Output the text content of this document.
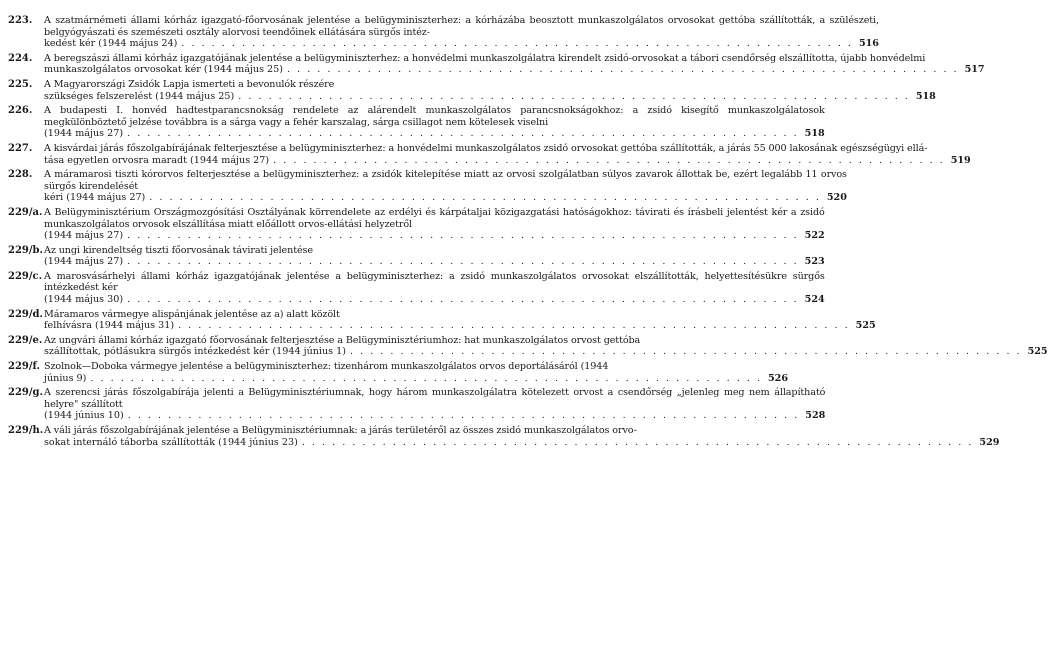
223.	A szatmárnémeti állami kórház igazgató-főorvosának jelentése a belügyminiszterhez: a kórházába beosztott munkaszolgálatos orvosokat gettóba szállították, a szülészeti, belgyógyászati és szemészeti osztály alorvosi teendőinek ellátására sürgős intéz-
kedést kér (1944 május 24) . . .	516
224.	A beregszászi állami kórház igazgatójának jelentése a belügyminiszterhez: a honvédelmi munkaszolgálatra kirendelt zsidó-orvosokat a tábori csendőrség elszállította, újabb honvédelmi
munkaszolgálatos orvosokat kér (1944 május 25) . . .	517
225.	A Magyarországi Zsidók Lapja ismerteti a bevonulók részére
szükséges felszerelést (1944 május 25) . . .	518
226.	A budapesti I. honvéd hadtestparancsnokság rendelete az alárendelt munkaszolgálatos parancsnokságokhoz: a zsidó kisegítő munkaszolgálatosok megkülönböztető jelzése továbbra is a sárga vagy a fehér karszalag, sárga csillagot nem kötelesek viselni
(1944 május 27) . . .	518
227.	A kisvárdai járás főszolgabírájának felterjesztése a belügyminiszterhez: a honvédelmi munkaszolgálatos zsidó orvosokat gettóba szállították, a járás 55 000 lakosának egészségügyi ellá-
tása egyetlen orvosra maradt (1944 május 27) . . .	519
228.	A máramarosi tiszti kórorvos felterjesztése a belügyminiszterhez: a zsidók kitelepítése miatt az orvosi szolgálatban súlyos zavarok állottak be, ezért legalább 11 orvos sürgős kirendelését
kéri (1944 május 27) . . .	520
229/a. A Belügyminisztérium Országmozgósítási Osztályának körrendelete az erdélyi és kárpátaljai közigazgatási hatóságokhoz: távirati és írásbeli jelentést kér a zsidó munkaszolgálatos orvosok elszállítása miatt előállott orvos-ellátási helyzetről
(1944 május 27) . . .	522
229/b. Az ungi kirendeltség tiszti főorvosának távirati jelentése
(1944 május 27) . . .	523
229/c. A marosvásárhelyi állami kórház igazgatójának jelentése a belügyminiszterhez: a zsidó munkaszolgálatos orvosokat elszállították, helyettesítésükre sürgős intézkedést kér
(1944 május 30) . . .	524
229/d. Máramaros vármegye alispánjának jelentése az a) alatt közölt
felhívásra (1944 május 31) . . .	525
229/e. Az ungvári állami kórház igazgató főorvosának felterjesztése a Belügyminisztériumhoz: hat munkaszolgálatos orvost gettóba
szállítottak, pótlásukra sürgős intézkedést kér (1944 június 1) . . .	525
229/f. Szolnok—Doboka vármegye jelentése a belügyminiszterhez: tizenhárom munkaszolgálatos orvos deportálásáról (1944
június 9) . . .	526
229/g. A szerencsi járás főszolgabírája jelenti a Belügyminisztériumnak, hogy három munkaszolgálatra kötelezett orvost a csendőrség „jelenleg meg nem állapítható helyre" szállított
(1944 június 10) . . .	528
229/h. A váli járás főszolgabírájának jelentése a Belügyminisztériumnak: a járás területéről az összes zsidó munkaszolgálatos orvo-
sokat internáló táborba szállították (1944 június 23) . . .	529
